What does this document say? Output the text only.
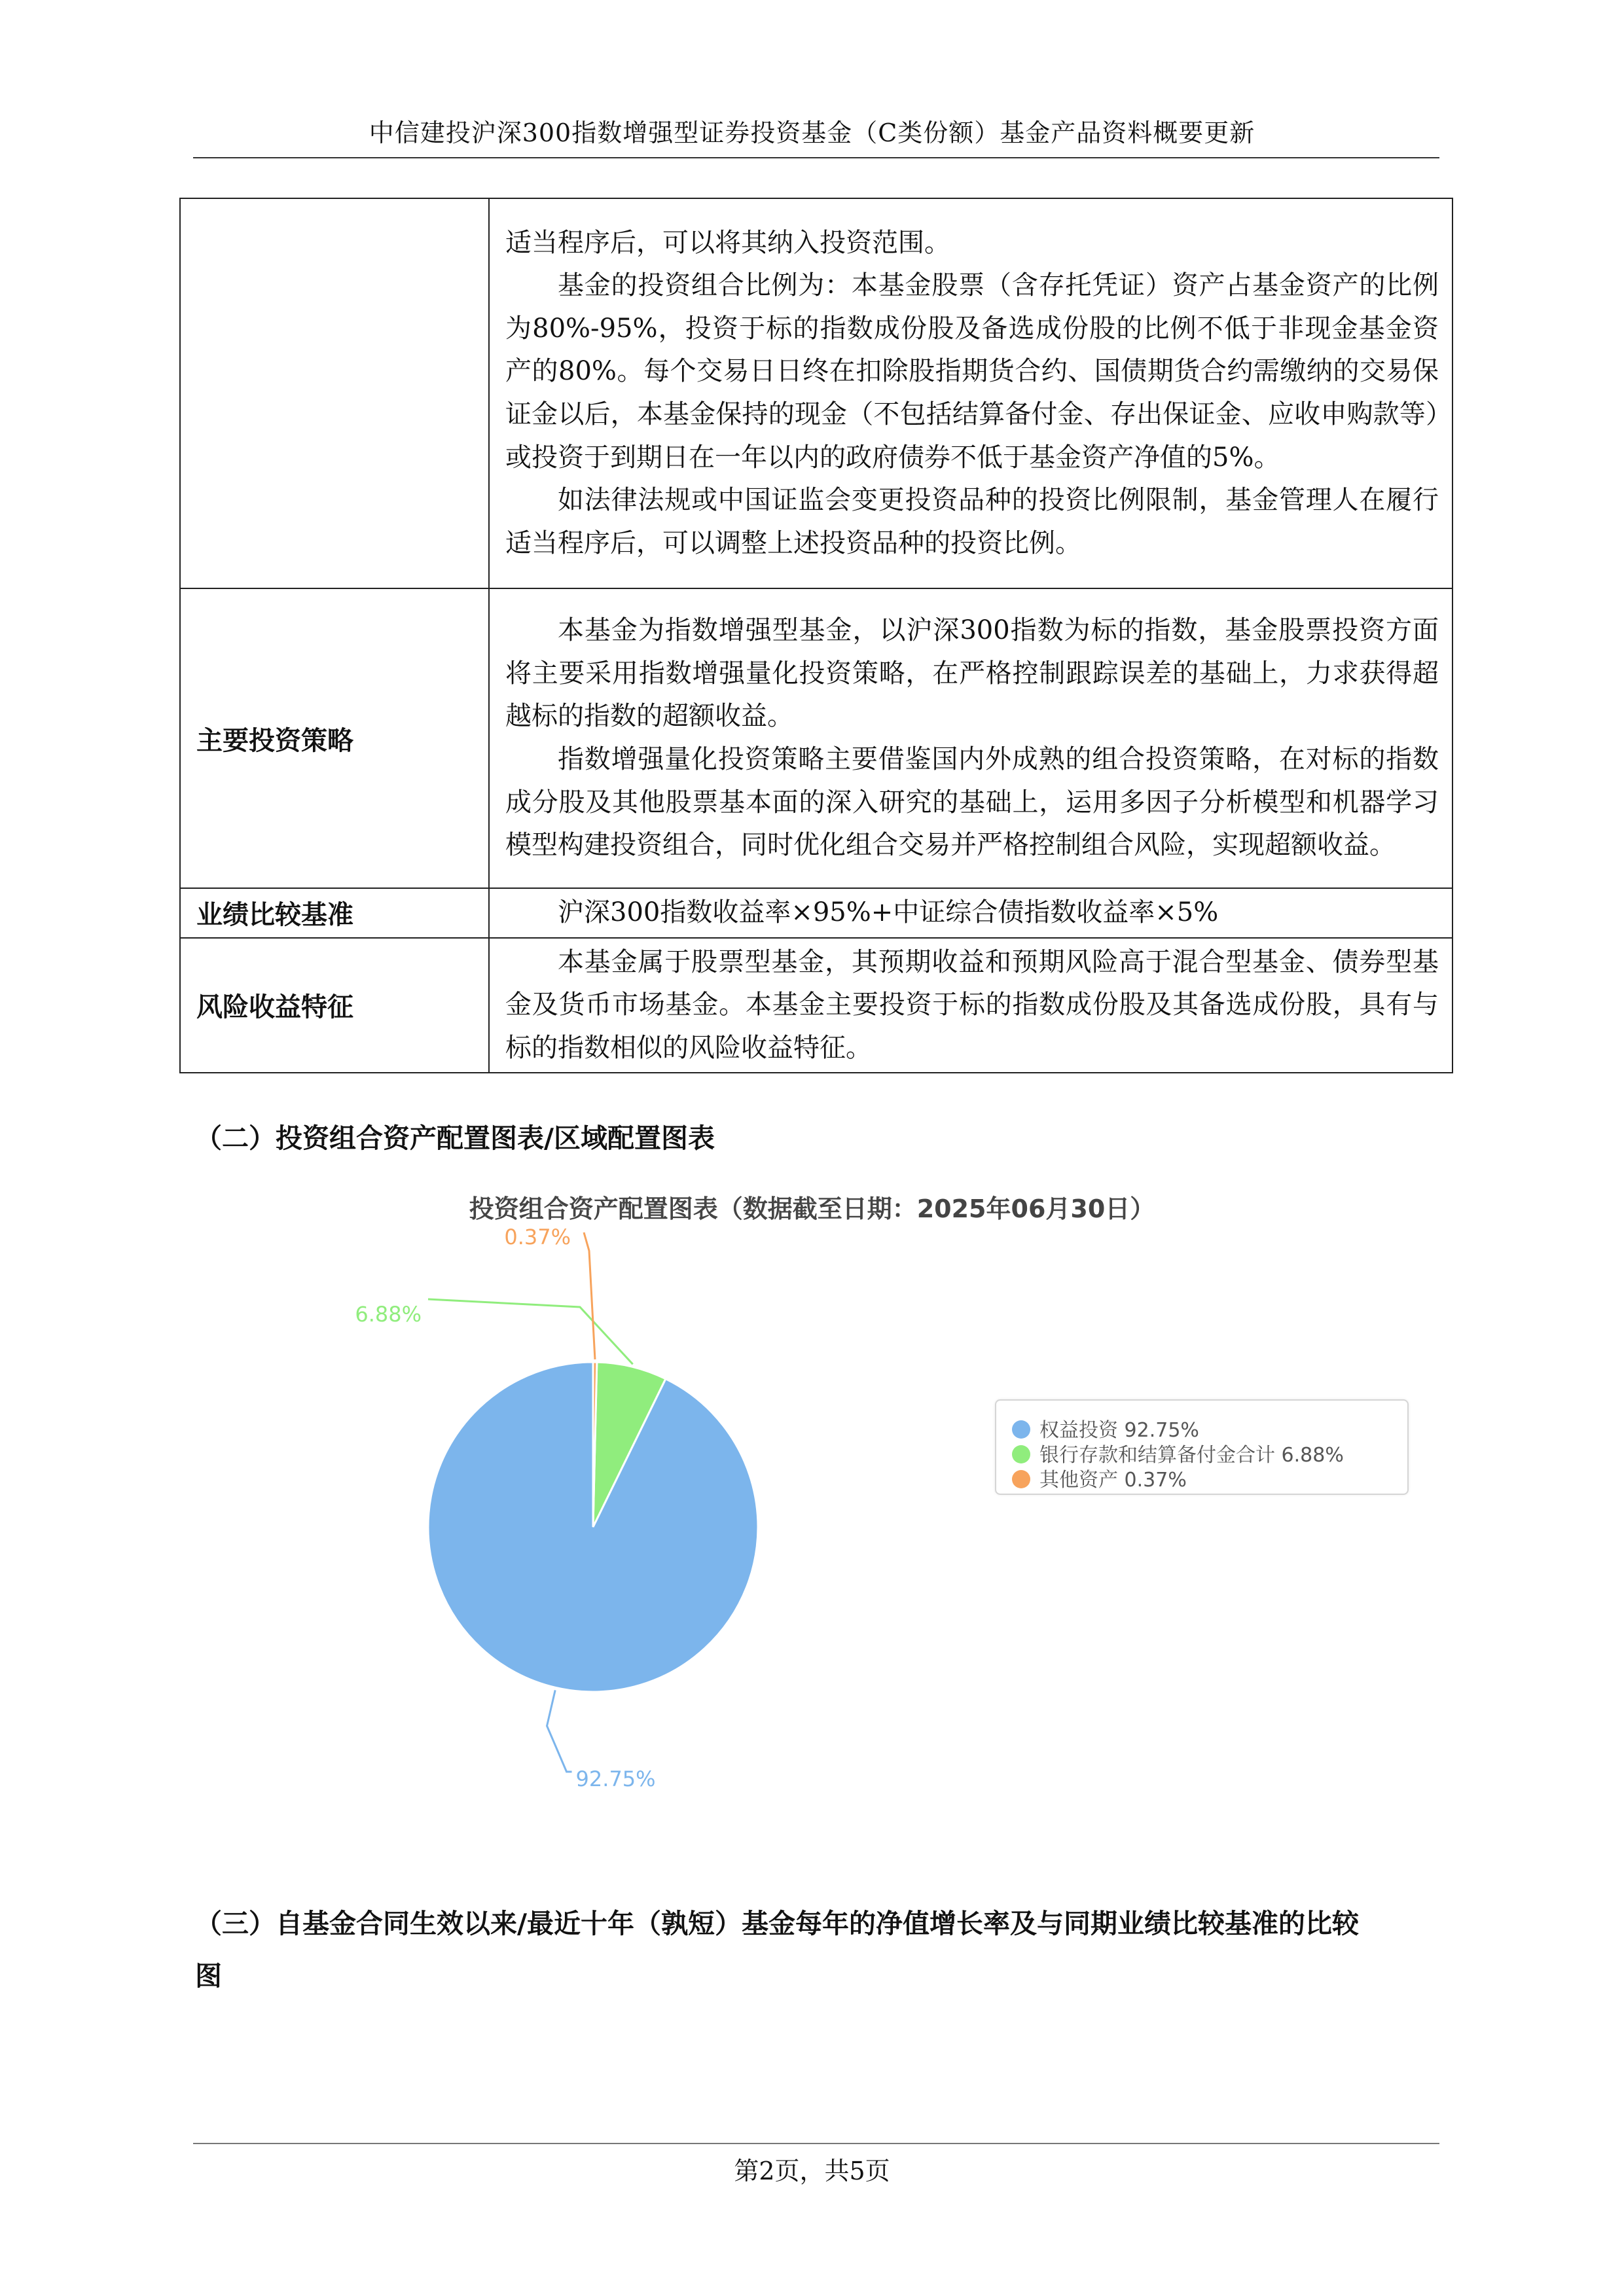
中信建投沪深300指数增强型证券投资基金（C类份额）基金产品资料概要更新

	适当程序后，可以将其纳入投资范围。

基金的投资组合比例为：本基金股票（含存托凭证）资产占基金资产的比例为80%-95%，投资于标的指数成份股及备选成份股的比例不低于非现金基金资产的80%。每个交易日日终在扣除股指期货合约、国债期货合约需缴纳的交易保证金以后，本基金保持的现金（不包括结算备付金、存出保证金、应收申购款等）或投资于到期日在一年以内的政府债券不低于基金资产净值的5%。

如法律法规或中国证监会变更投资品种的投资比例限制，基金管理人在履行适当程序后，可以调整上述投资品种的投资比例。

主要投资策略	本基金为指数增强型基金，以沪深300指数为标的指数，基金股票投资方面将主要采用指数增强量化投资策略，在严格控制跟踪误差的基础上，力求获得超越标的指数的超额收益。

指数增强量化投资策略主要借鉴国内外成熟的组合投资策略，在对标的指数成分股及其他股票基本面的深入研究的基础上，运用多因子分析模型和机器学习模型构建投资组合，同时优化组合交易并严格控制组合风险，实现超额收益。

业绩比较基准	沪深300指数收益率×95%+中证综合债指数收益率×5%

风险收益特征	本基金属于股票型基金，其预期收益和预期风险高于混合型基金、债券型基金及货币市场基金。本基金主要投资于标的指数成份股及其备选成份股，具有与标的指数相似的风险收益特征。

（二）投资组合资产配置图表/区域配置图表
投资组合资产配置图表（数据截至日期：2025年06月30日）
92.75%
6.88%
0.37%
权益投资 92.75%
银行存款和结算备付金合计 6.88%
其他资产 0.37%
（三）自基金合同生效以来/最近十年（孰短）基金每年的净值增长率及与同期业绩比较基准的比较
图
第2页，共5页
